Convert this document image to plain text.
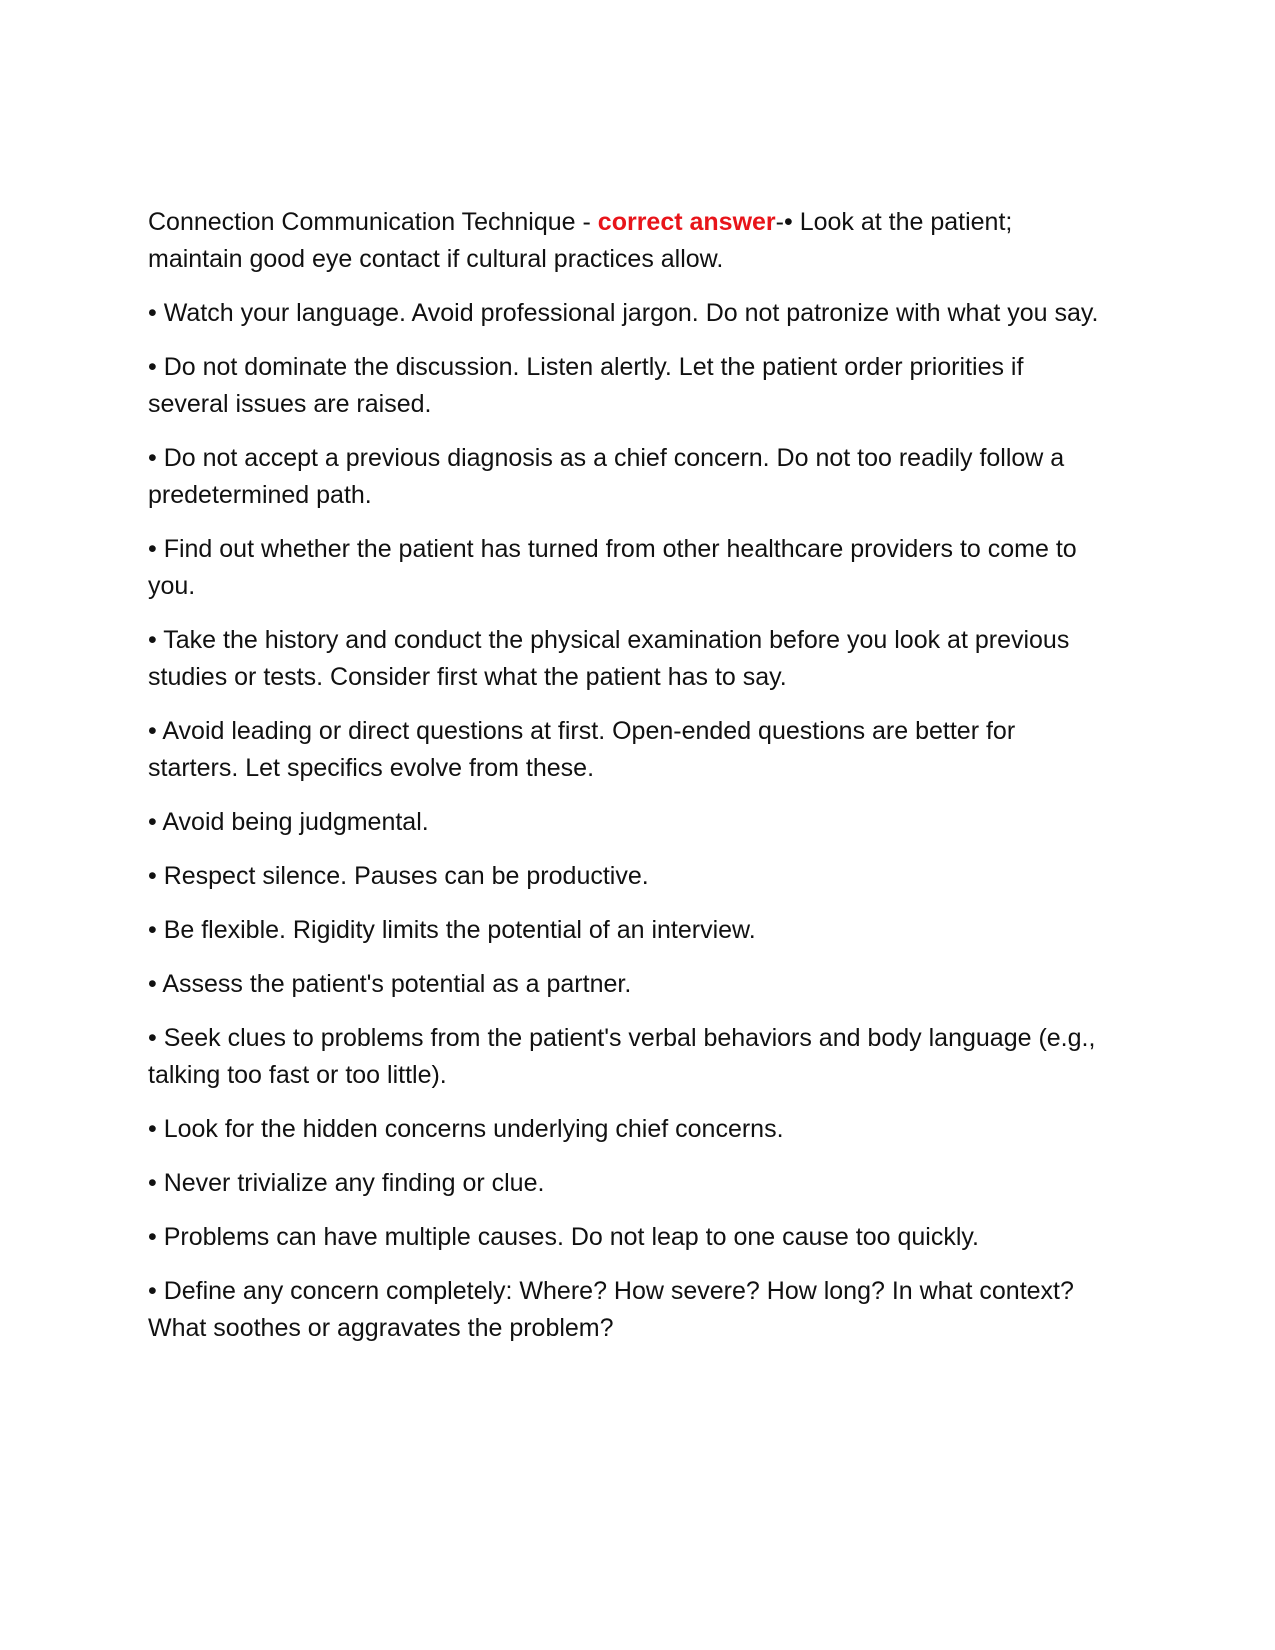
Connection Communication Technique - correct answer-• Look at the patient; maintain good eye contact if cultural practices allow.

• Watch your language. Avoid professional jargon. Do not patronize with what you say.

• Do not dominate the discussion. Listen alertly. Let the patient order priorities if several issues are raised.

• Do not accept a previous diagnosis as a chief concern. Do not too readily follow a predetermined path.

• Find out whether the patient has turned from other healthcare providers to come to you.

• Take the history and conduct the physical examination before you look at previous studies or tests. Consider first what the patient has to say.

• Avoid leading or direct questions at first. Open-ended questions are better for starters. Let specifics evolve from these.

• Avoid being judgmental.

• Respect silence. Pauses can be productive.

• Be flexible. Rigidity limits the potential of an interview.

• Assess the patient's potential as a partner.

• Seek clues to problems from the patient's verbal behaviors and body language (e.g., talking too fast or too little).

• Look for the hidden concerns underlying chief concerns.

• Never trivialize any finding or clue.

• Problems can have multiple causes. Do not leap to one cause too quickly.

• Define any concern completely: Where? How severe? How long? In what context? What soothes or aggravates the problem?
